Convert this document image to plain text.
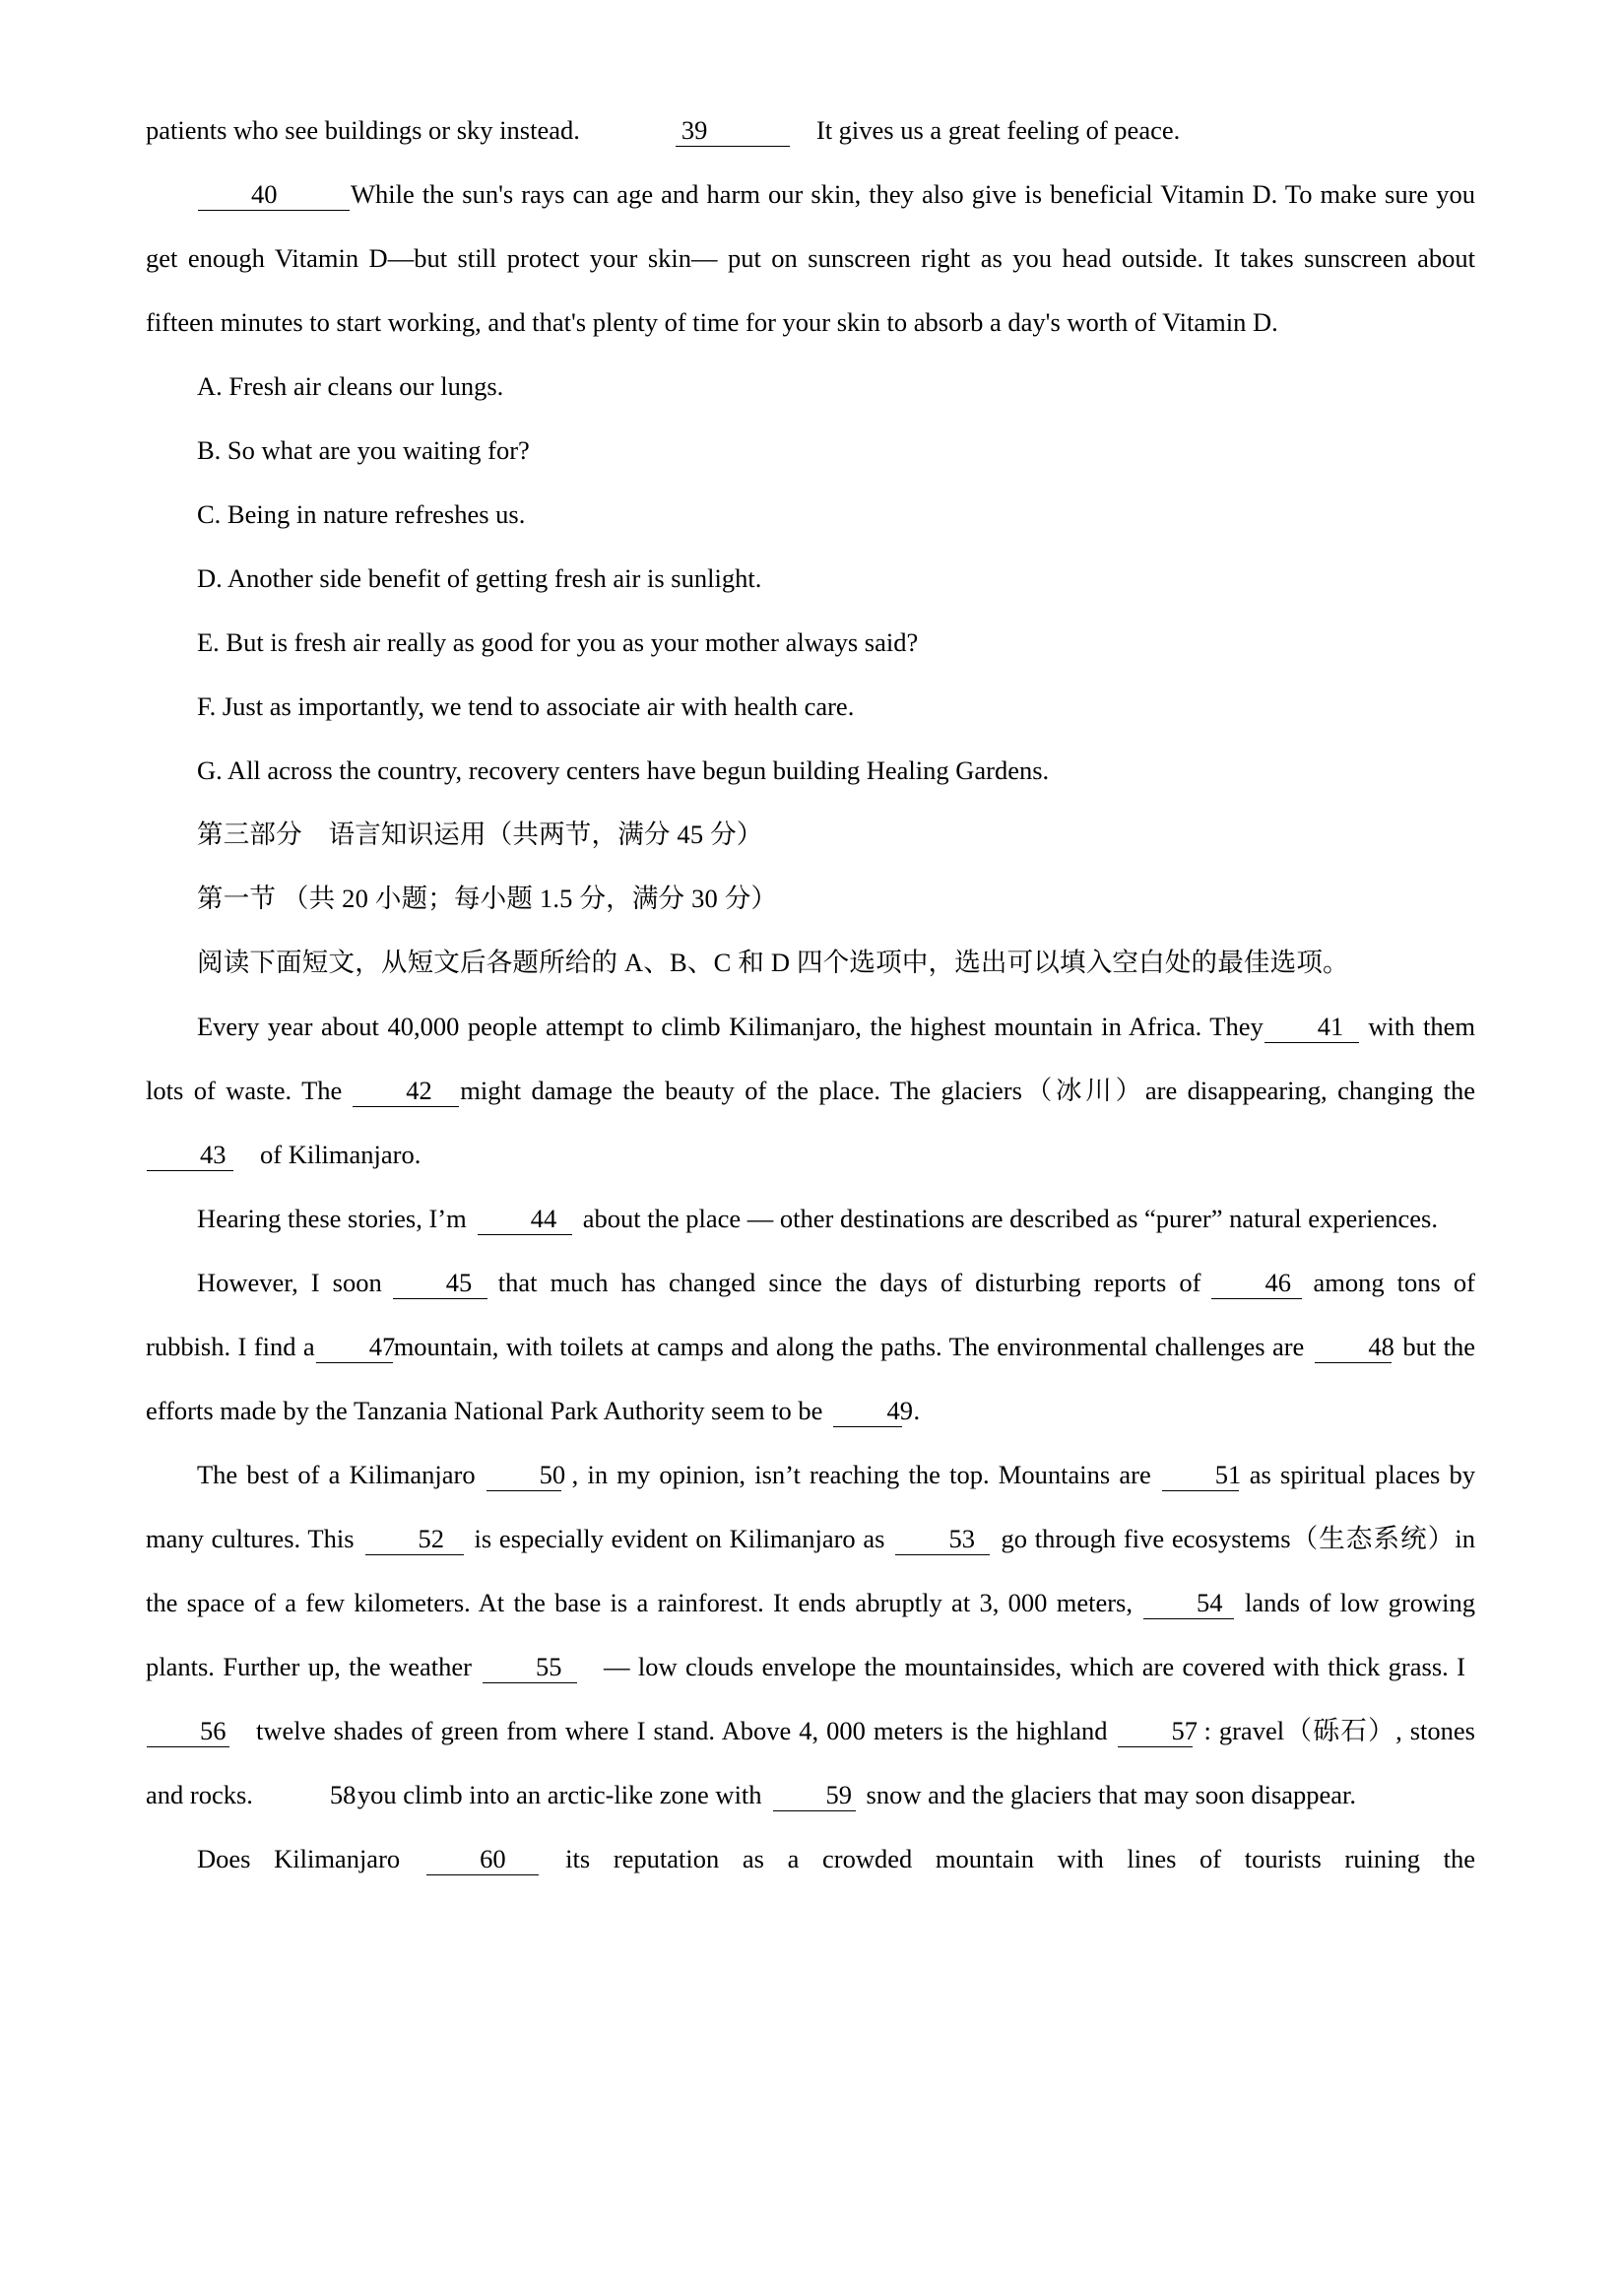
patients who see buildings or sky instead.	39	It gives us a great feeling of peace.

40	While the sun's rays can age and harm our skin, they also give is beneficial Vitamin D. To make sure you get enough Vitamin D—but still protect your skin— put on sunscreen right as you head outside. It takes sunscreen about fifteen minutes to start working, and that's plenty of time for your skin to absorb a day's worth of Vitamin D.

A. Fresh air cleans our lungs.

B. So what are you waiting for?

C. Being in nature refreshes us.

D. Another side benefit of getting fresh air is sunlight.

E. But is fresh air really as good for you as your mother always said?

F. Just as importantly, we tend to associate air with health care.

G. All across the country, recovery centers have begun building Healing Gardens.

第三部分　语言知识运用（共两节，满分 45 分）

第一节 （共 20 小题；每小题 1.5 分，满分 30 分）

阅读下面短文，从短文后各题所给的 A、B、C 和 D 四个选项中，选出可以填入空白处的最佳选项。

Every year about 40,000 people attempt to climb Kilimanjaro, the highest mountain in Africa. They 41 with them lots of waste. The 42 might damage the beauty of the place. The glaciers（冰川）are disappearing, changing the43 of Kilimanjaro.

Hearing these stories, I’m 44 about the place — other destinations are described as “purer” natural experiences.

However, I soon 45 that much has changed since the days of disturbing reports of 46 among tons of rubbish. I find a 47mountain, with toilets at camps and along the paths. The environmental challenges are 48 but the efforts made by the Tanzania National Park Authority seem to be 49.

The best of a Kilimanjaro 50 , in my opinion, isn’t reaching the top. Mountains are 51 as spiritual places by many cultures. This 52 is especially evident on Kilimanjaro as 53 go through five ecosystems（生态系统）in the space of a few kilometers. At the base is a rainforest. It ends abruptly at 3, 000 meters, 54 lands of low growing plants. Further up, the weather 55 — low clouds envelope the mountainsides, which are covered with thick grass. I56 twelve shades of green from where I stand. Above 4, 000 meters is the highland 57 : gravel（砾石）, stones and rocks.	58you climb into an arctic-like zone with 59 snow and the glaciers that may soon disappear.

Does Kilimanjaro	60 its reputation as a crowded mountain with lines of tourists ruining the
